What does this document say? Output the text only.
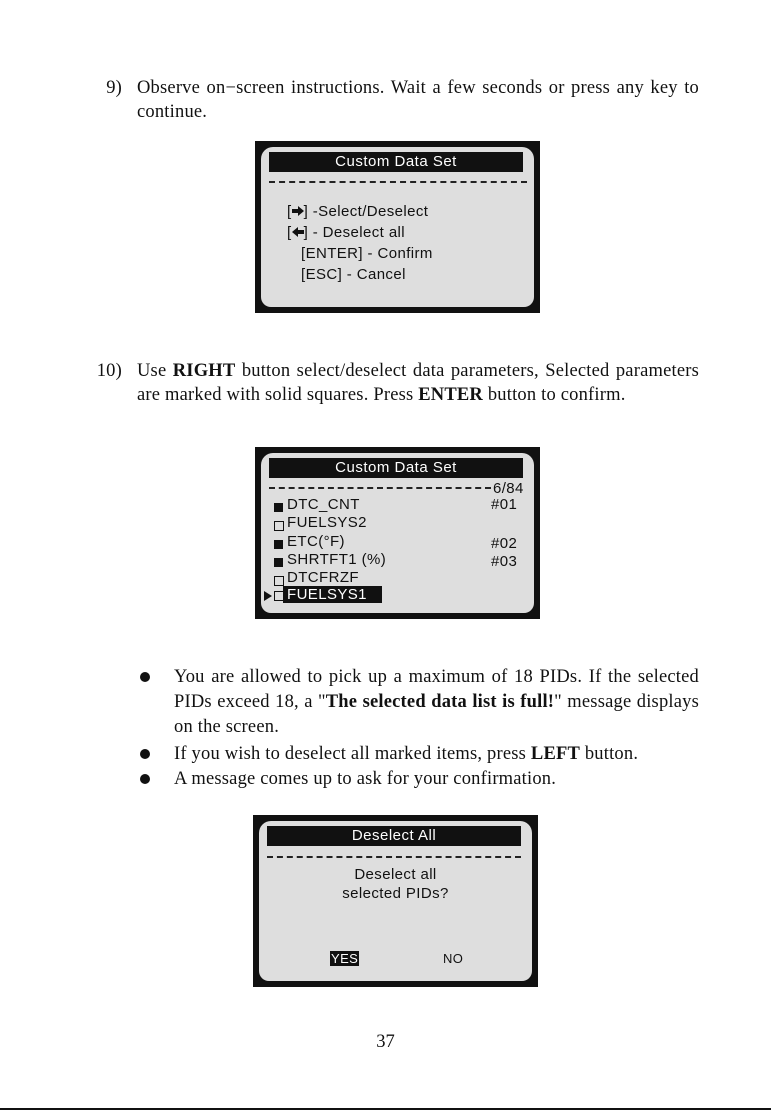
9) Observe on−screen instructions. Wait a few seconds or press any key to continue.
Custom Data Set
[ ] -Select/Deselect
[ ] - Deselect all
[ENTER] - Confirm
[ESC] - Cancel
10) Use RIGHT button select/deselect data parameters, Selected parameters are marked with solid squares. Press ENTER button to confirm.
Custom Data Set
6/84
DTC_CNT	#01
FUELSYS2
ETC(°F)	#02
SHRTFT1 (%)	#03
DTCFRZF
FUELSYS1
You are allowed to pick up a maximum of 18 PIDs. If the selected PIDs exceed 18, a "The selected data list is full!" message displays on the screen.
If you wish to deselect all marked items, press LEFT button.
A message comes up to ask for your confirmation.
Deselect All
Deselect all
selected PIDs?
YES	NO
37
